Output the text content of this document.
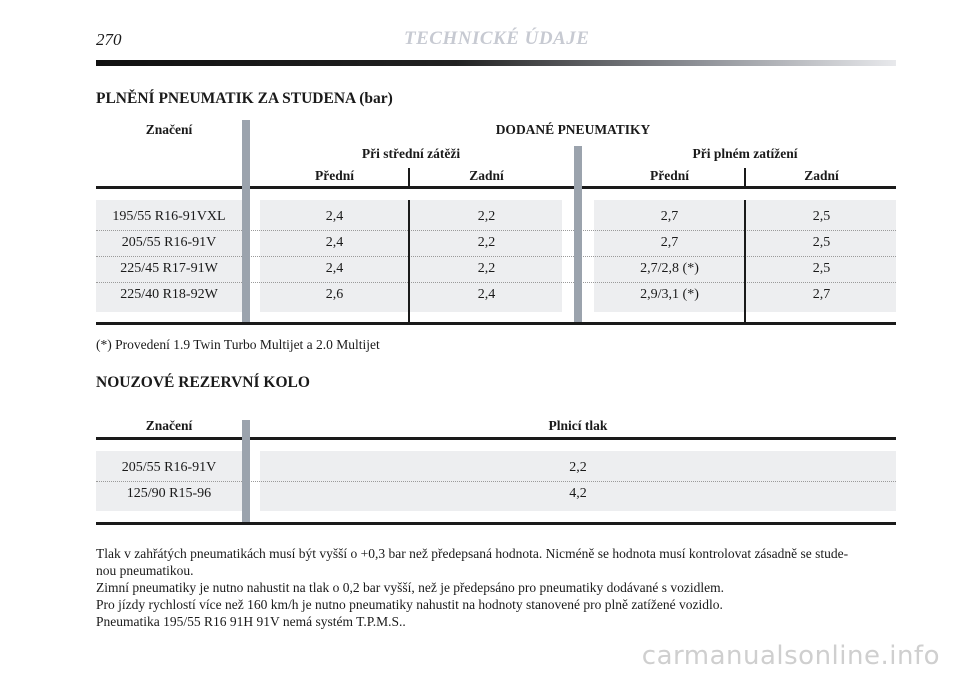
270	TECHNICKÉ ÚDAJE
PLNĚNÍ PNEUMATIK ZA STUDENA (bar)
Značení	DODANÉ PNEUMATIKY
Při střední zátěži	Při plném zatížení
Přední	Zadní	Přední	Zadní
195/55 R16-91VXL	2,4	2,2	2,7	2,5
205/55 R16-91V	2,4	2,2	2,7	2,5
225/45 R17-91W	2,4	2,2	2,7/2,8 (*)	2,5
225/40 R18-92W	2,6	2,4	2,9/3,1 (*)	2,7
(*) Provedení 1.9 Twin Turbo Multijet a 2.0 Multijet
NOUZOVÉ REZERVNÍ KOLO
Značení	Plnicí tlak
205/55 R16-91V	2,2
125/90 R15-96	4,2

Tlak v zahřátých pneumatikách musí být vyšší o +0,3 bar než předepsaná hodnota. Nicméně se hodnota musí kontrolovat zásadně se stude-

nou pneumatikou.

Zimní pneumatiky je nutno nahustit na tlak o 0,2 bar vyšší, než je předepsáno pro pneumatiky dodávané s vozidlem.

Pro jízdy rychlostí více než 160 km/h je nutno pneumatiky nahustit na hodnoty stanovené pro plně zatížené vozidlo.

Pneumatika 195/55 R16 91H 91V nemá systém T.P.M.S..

carmanualsonline.info
